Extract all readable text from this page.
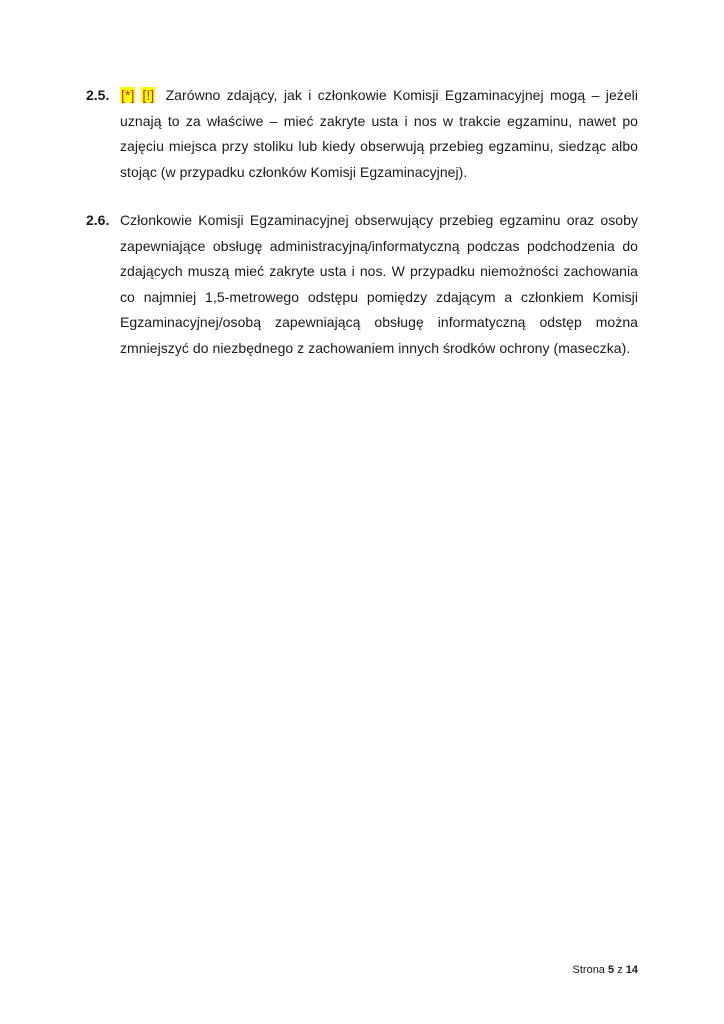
2.5. [*] [!] Zarówno zdający, jak i członkowie Komisji Egzaminacyjnej mogą – jeżeli uznają to za właściwe – mieć zakryte usta i nos w trakcie egzaminu, nawet po zajęciu miejsca przy stoliku lub kiedy obserwują przebieg egzaminu, siedząc albo stojąc (w przypadku członków Komisji Egzaminacyjnej).
2.6. Członkowie Komisji Egzaminacyjnej obserwujący przebieg egzaminu oraz osoby zapewniające obsługę administracyjną/informatyczną podczas podchodzenia do zdających muszą mieć zakryte usta i nos. W przypadku niemożności zachowania co najmniej 1,5-metrowego odstępu pomiędzy zdającym a członkiem Komisji Egzaminacyjnej/osobą zapewniającą obsługę informatyczną odstęp można zmniejszyć do niezbędnego z zachowaniem innych środków ochrony (maseczka).
Strona 5 z 14
